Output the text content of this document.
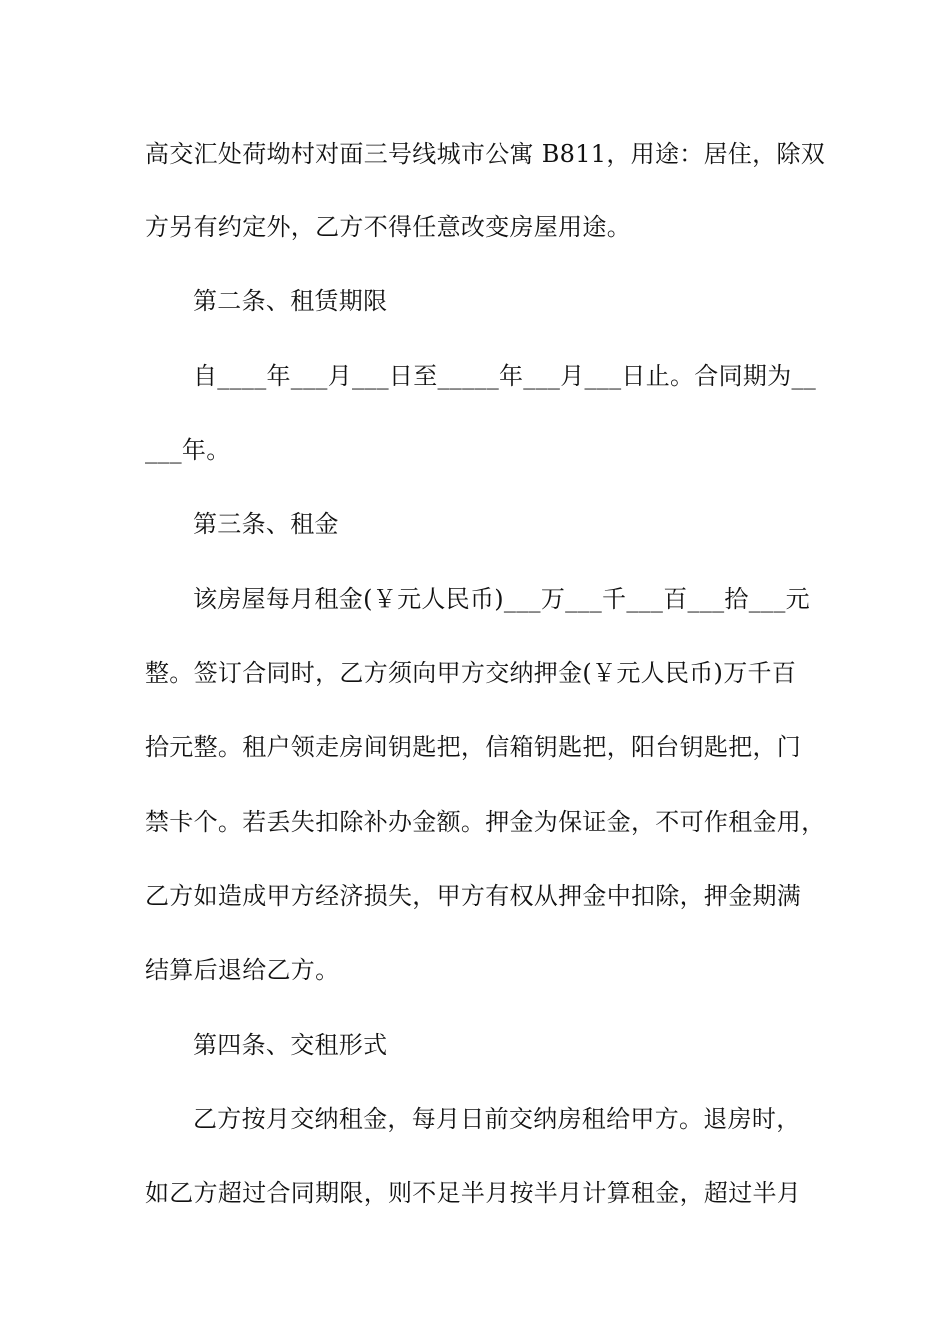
高交汇处荷坳村对面三号线城市公寓 B811，用途：居住，除双
方另有约定外，乙方不得任意改变房屋用途。
第二条、租赁期限
自____年___月___日至_____年___月___日止。合同期为__
___年。
第三条、租金
该房屋每月租金(￥元人民币)___万___千___百___拾___元
整。签订合同时，乙方须向甲方交纳押金(￥元人民币)万千百
拾元整。租户领走房间钥匙把，信箱钥匙把，阳台钥匙把，门
禁卡个。若丢失扣除补办金额。押金为保证金，不可作租金用，
乙方如造成甲方经济损失，甲方有权从押金中扣除，押金期满
结算后退给乙方。
第四条、交租形式
乙方按月交纳租金，每月日前交纳房租给甲方。退房时，
如乙方超过合同期限，则不足半月按半月计算租金，超过半月
